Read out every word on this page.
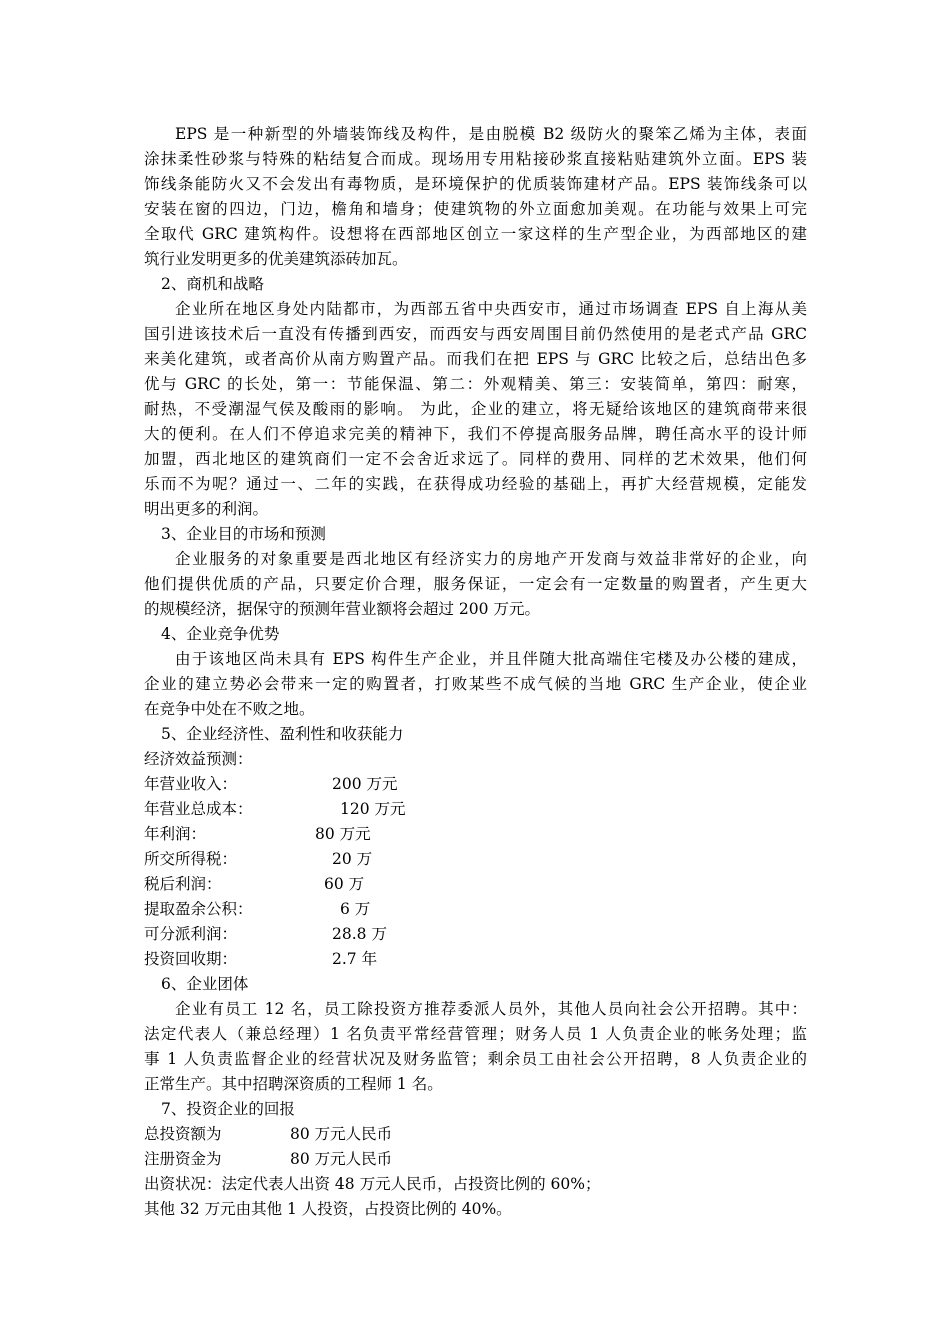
EPS 是一种新型的外墙装饰线及构件，是由脱模 B2 级防火的聚笨乙烯为主体，表面
涂抹柔性砂浆与特殊的粘结复合而成。现场用专用粘接砂浆直接粘贴建筑外立面。EPS 装
饰线条能防火又不会发出有毒物质，是环境保护的优质装饰建材产品。EPS 装饰线条可以
安装在窗的四边，门边，檐角和墙身；使建筑物的外立面愈加美观。在功能与效果上可完
全取代 GRC 建筑构件。设想将在西部地区创立一家这样的生产型企业，为西部地区的建
筑行业发明更多的优美建筑添砖加瓦。
2、商机和战略
企业所在地区身处内陆都市，为西部五省中央西安市，通过市场调查 EPS 自上海从美
国引进该技术后一直没有传播到西安，而西安与西安周围目前仍然使用的是老式产品 GRC
来美化建筑，或者高价从南方购置产品。而我们在把 EPS 与 GRC 比较之后，总结出色多
优与 GRC 的长处，第一：节能保温、第二：外观精美、第三：安装简单，第四：耐寒，
耐热，不受潮湿气侯及酸雨的影响。 为此，企业的建立，将无疑给该地区的建筑商带来很
大的便利。在人们不停追求完美的精神下，我们不停提高服务品牌，聘任高水平的设计师
加盟，西北地区的建筑商们一定不会舍近求远了。同样的费用、同样的艺术效果，他们何
乐而不为呢？通过一、二年的实践，在获得成功经验的基础上，再扩大经营规模，定能发
明出更多的利润。
3、企业目的市场和预测
企业服务的对象重要是西北地区有经济实力的房地产开发商与效益非常好的企业，向
他们提供优质的产品，只要定价合理，服务保证，一定会有一定数量的购置者，产生更大
的规模经济，据保守的预测年营业额将会超过 200 万元。
4、企业竞争优势
由于该地区尚未具有 EPS 构件生产企业，并且伴随大批高端住宅楼及办公楼的建成，
企业的建立势必会带来一定的购置者，打败某些不成气候的当地 GRC 生产企业，使企业
在竞争中处在不败之地。
5、企业经济性、盈利性和收获能力
经济效益预测：
年营业收入：	200 万元
年营业总成本：	120 万元
年利润：	80 万元
所交所得税：	20 万
税后利润：	60 万
提取盈余公积：	6 万
可分派利润：	28.8 万
投资回收期：	2.7 年
6、企业团体
企业有员工 12 名，员工除投资方推荐委派人员外，其他人员向社会公开招聘。其中：
法定代表人（兼总经理）1 名负责平常经营管理；财务人员 1 人负责企业的帐务处理；监
事 1 人负责监督企业的经营状况及财务监管；剩余员工由社会公开招聘，8 人负责企业的
正常生产。其中招聘深资质的工程师 1 名。
7、投资企业的回报
总投资额为	80 万元人民币
注册资金为	80 万元人民币
出资状况：法定代表人出资 48 万元人民币，占投资比例的 60%；
其他 32 万元由其他 1 人投资，占投资比例的 40%。
